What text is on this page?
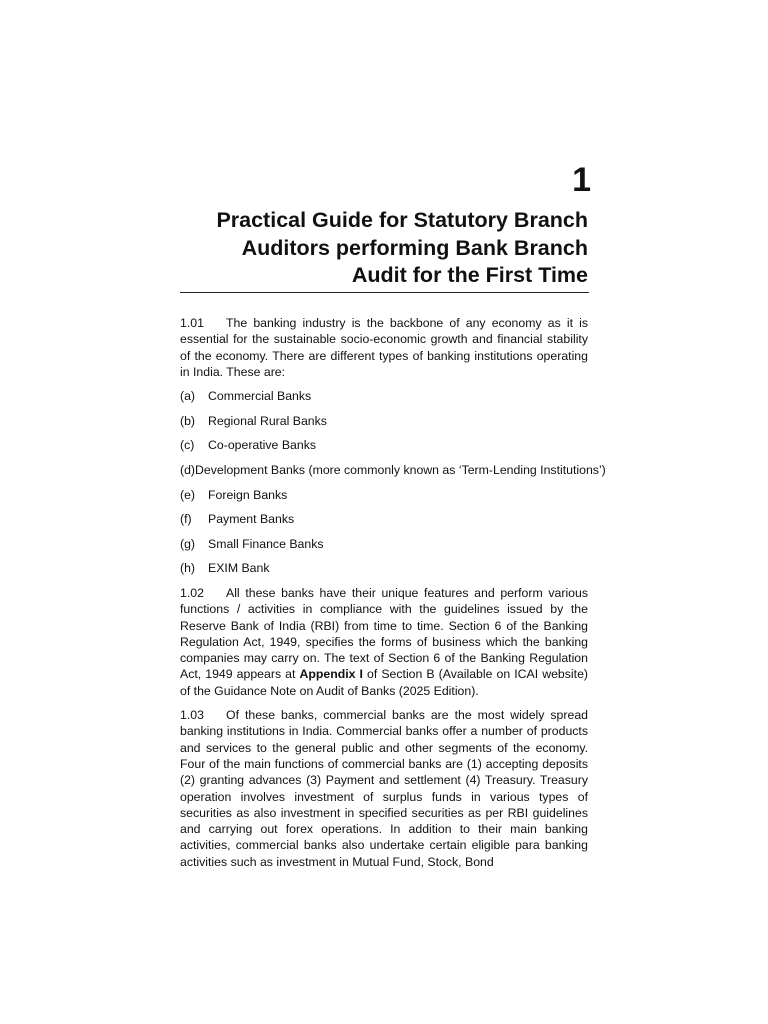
1
Practical Guide for Statutory Branch
Auditors performing Bank Branch
Audit for the First Time

1.01 The banking industry is the backbone of any economy as it is essential for the sustainable socio-economic growth and financial stability of the economy. There are different types of banking institutions operating in India. These are:

(a)	Commercial Banks
(b)	Regional Rural Banks
(c)	Co-operative Banks
(d) Development Banks (more commonly known as ‘Term-Lending Institutions’)
(e)	Foreign Banks
(f)	Payment Banks
(g)	Small Finance Banks
(h)	EXIM Bank

1.02 All these banks have their unique features and perform various functions / activities in compliance with the guidelines issued by the Reserve Bank of India (RBI) from time to time. Section 6 of the Banking Regulation Act, 1949, specifies the forms of business which the banking companies may carry on. The text of Section 6 of the Banking Regulation Act, 1949 appears at Appendix I of Section B (Available on ICAI website) of the Guidance Note on Audit of Banks (2025 Edition).

1.03 Of these banks, commercial banks are the most widely spread banking institutions in India. Commercial banks offer a number of products and services to the general public and other segments of the economy. Four of the main functions of commercial banks are (1) accepting deposits (2) granting advances (3) Payment and settlement (4) Treasury. Treasury operation involves investment of surplus funds in various types of securities as also investment in specified securities as per RBI guidelines and carrying out forex operations. In addition to their main banking activities, commercial banks also undertake certain eligible para banking activities such as investment in Mutual Fund, Stock, Bond
